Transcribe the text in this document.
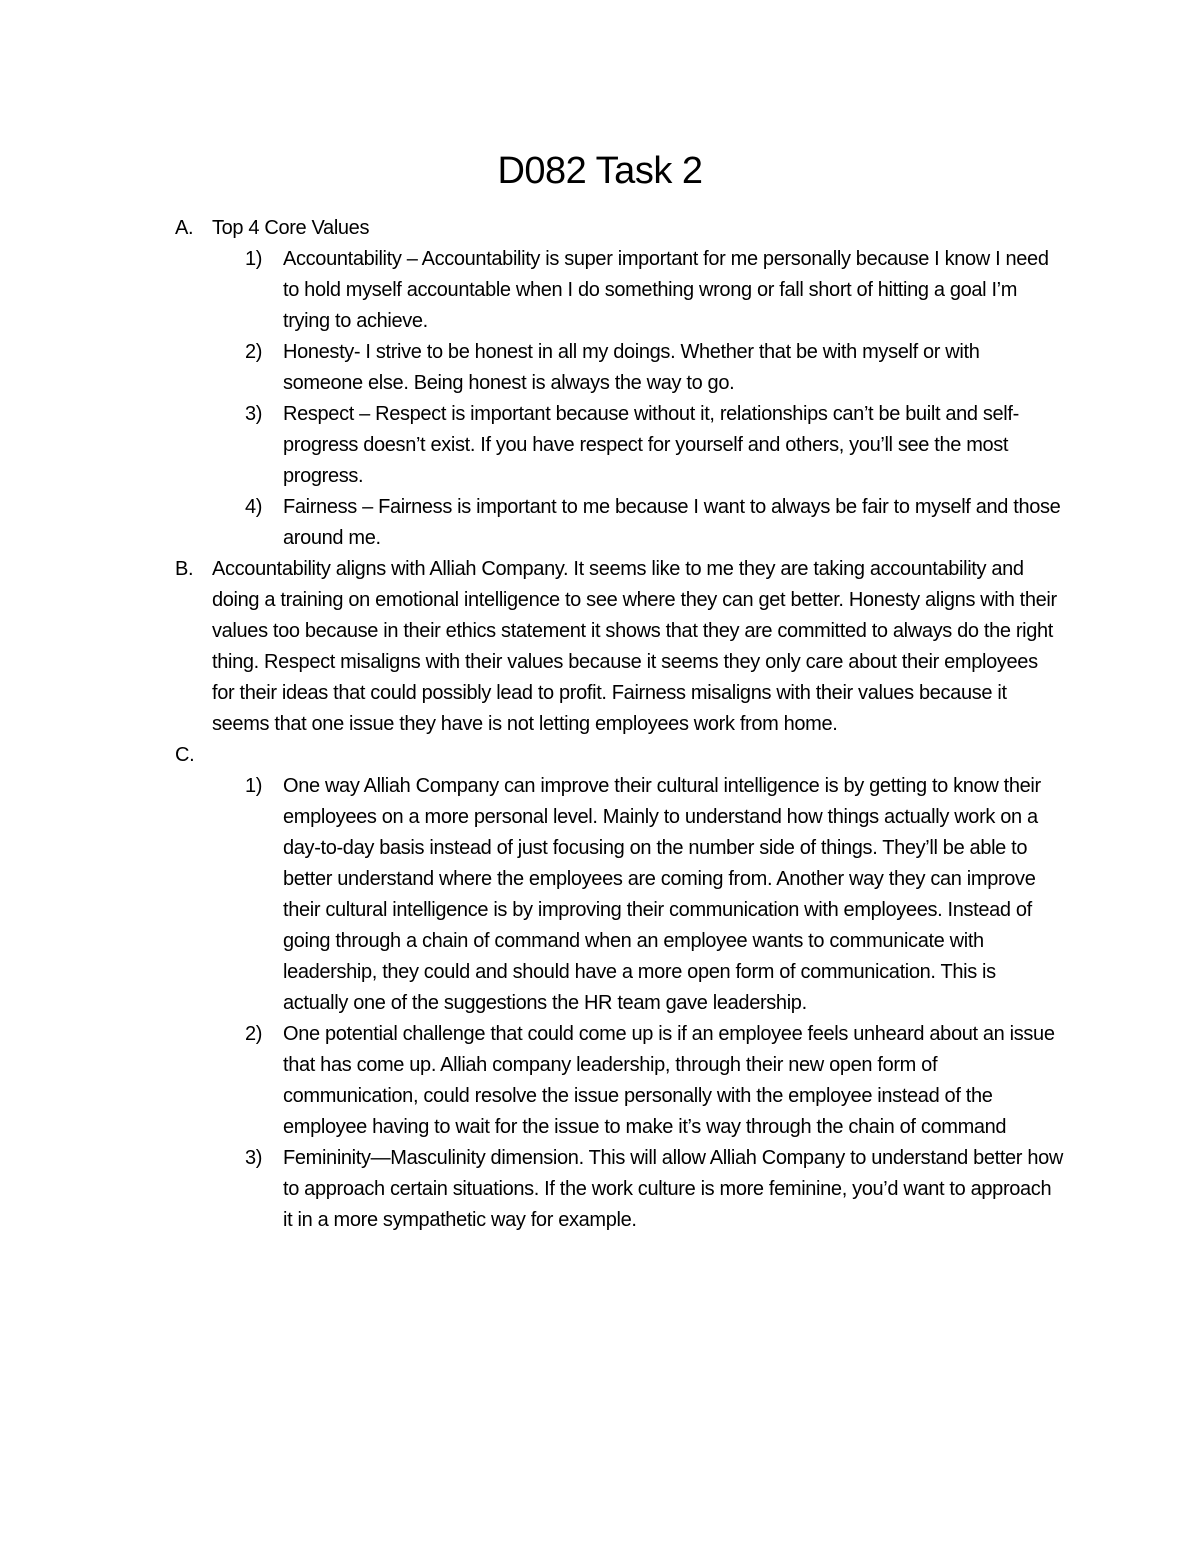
D082 Task 2
A. Top 4 Core Values
1) Accountability – Accountability is super important for me personally because I know I need to hold myself accountable when I do something wrong or fall short of hitting a goal I’m trying to achieve.
2) Honesty- I strive to be honest in all my doings. Whether that be with myself or with someone else. Being honest is always the way to go.
3) Respect – Respect is important because without it, relationships can’t be built and self-progress doesn’t exist. If you have respect for yourself and others, you’ll see the most progress.
4) Fairness – Fairness is important to me because I want to always be fair to myself and those around me.
B. Accountability aligns with Alliah Company. It seems like to me they are taking accountability and doing a training on emotional intelligence to see where they can get better. Honesty aligns with their values too because in their ethics statement it shows that they are committed to always do the right thing. Respect misaligns with their values because it seems they only care about their employees for their ideas that could possibly lead to profit. Fairness misaligns with their values because it seems that one issue they have is not letting employees work from home.
C.

1) One way Alliah Company can improve their cultural intelligence is by getting to know their employees on a more personal level. Mainly to understand how things actually work on a day-to-day basis instead of just focusing on the number side of things. They’ll be able to better understand where the employees are coming from. Another way they can improve their cultural intelligence is by improving their communication with employees. Instead of going through a chain of command when an employee wants to communicate with leadership, they could and should have a more open form of communication. This is actually one of the suggestions the HR team gave leadership.
2) One potential challenge that could come up is if an employee feels unheard about an issue that has come up. Alliah company leadership, through their new open form of communication, could resolve the issue personally with the employee instead of the employee having to wait for the issue to make it’s way through the chain of command
3) Femininity—Masculinity dimension. This will allow Alliah Company to understand better how to approach certain situations. If the work culture is more feminine, you’d want to approach it in a more sympathetic way for example.
